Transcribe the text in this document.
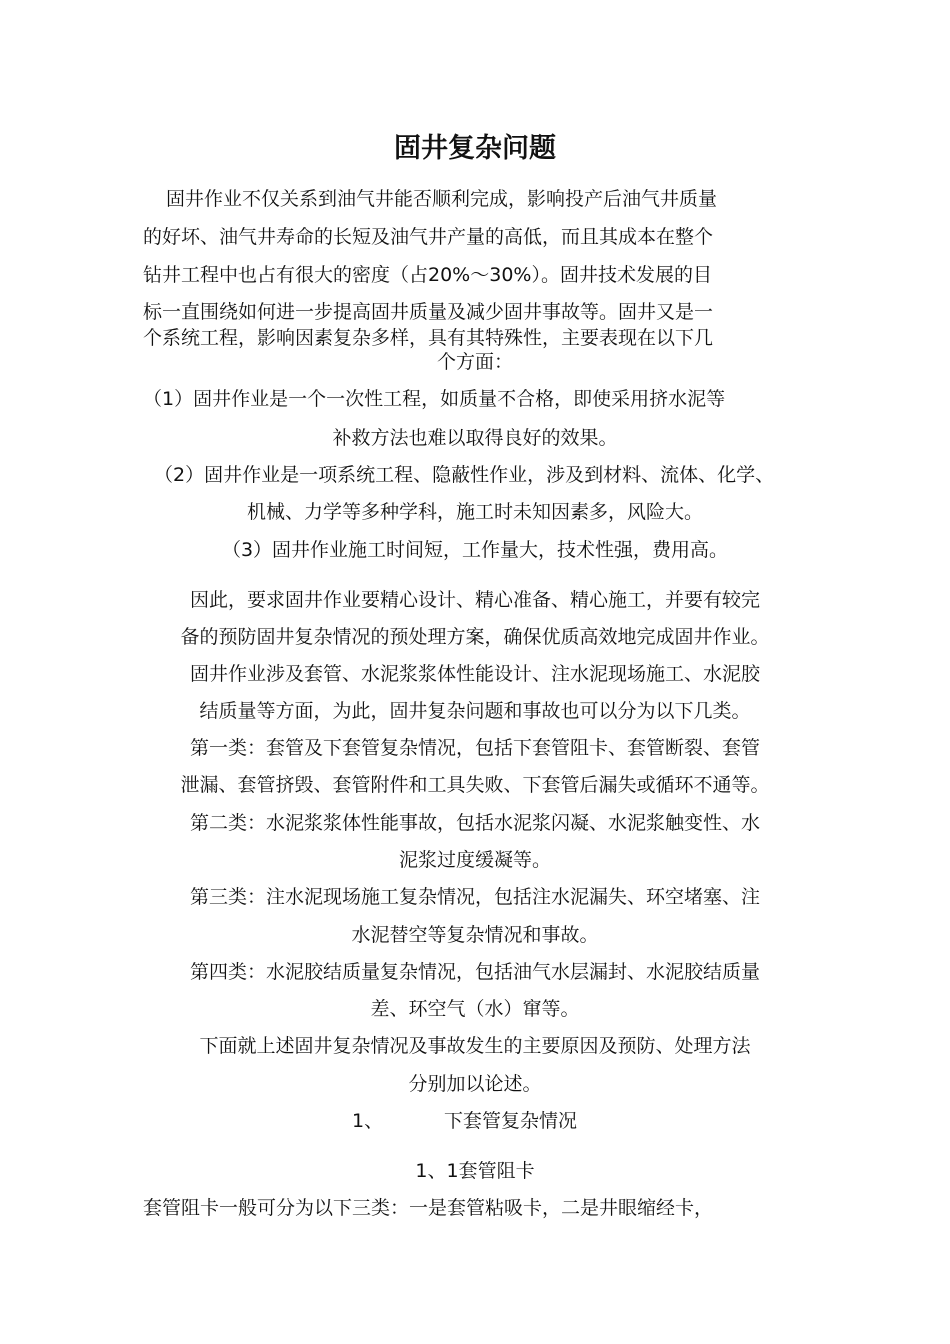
固井复杂问题
固井作业不仅关系到油气井能否顺利完成，影响投产后油气井质量
的好坏、油气井寿命的长短及油气井产量的高低，而且其成本在整个
钻井工程中也占有很大的密度（占20%～30%）。固井技术发展的目
标一直围绕如何进一步提高固井质量及减少固井事故等。固井又是一
个系统工程，影响因素复杂多样，具有其特殊性，主要表现在以下几
个方面：
（1）固井作业是一个一次性工程，如质量不合格，即使采用挤水泥等
补救方法也难以取得良好的效果。
（2）固井作业是一项系统工程、隐蔽性作业，涉及到材料、流体、化学、
机械、力学等多种学科，施工时未知因素多，风险大。
（3）固井作业施工时间短，工作量大，技术性强，费用高。
因此，要求固井作业要精心设计、精心准备、精心施工，并要有较完
备的预防固井复杂情况的预处理方案，确保优质高效地完成固井作业。
固井作业涉及套管、水泥浆浆体性能设计、注水泥现场施工、水泥胶
结质量等方面，为此，固井复杂问题和事故也可以分为以下几类。
第一类：套管及下套管复杂情况，包括下套管阻卡、套管断裂、套管
泄漏、套管挤毁、套管附件和工具失败、下套管后漏失或循环不通等。
第二类：水泥浆浆体性能事故，包括水泥浆闪凝、水泥浆触变性、水
泥浆过度缓凝等。
第三类：注水泥现场施工复杂情况，包括注水泥漏失、环空堵塞、注
水泥替空等复杂情况和事故。
第四类：水泥胶结质量复杂情况，包括油气水层漏封、水泥胶结质量
差、环空气（水）窜等。
下面就上述固井复杂情况及事故发生的主要原因及预防、处理方法
分别加以论述。
1、	下套管复杂情况
1、1套管阻卡
套管阻卡一般可分为以下三类：一是套管粘吸卡，二是井眼缩经卡，
